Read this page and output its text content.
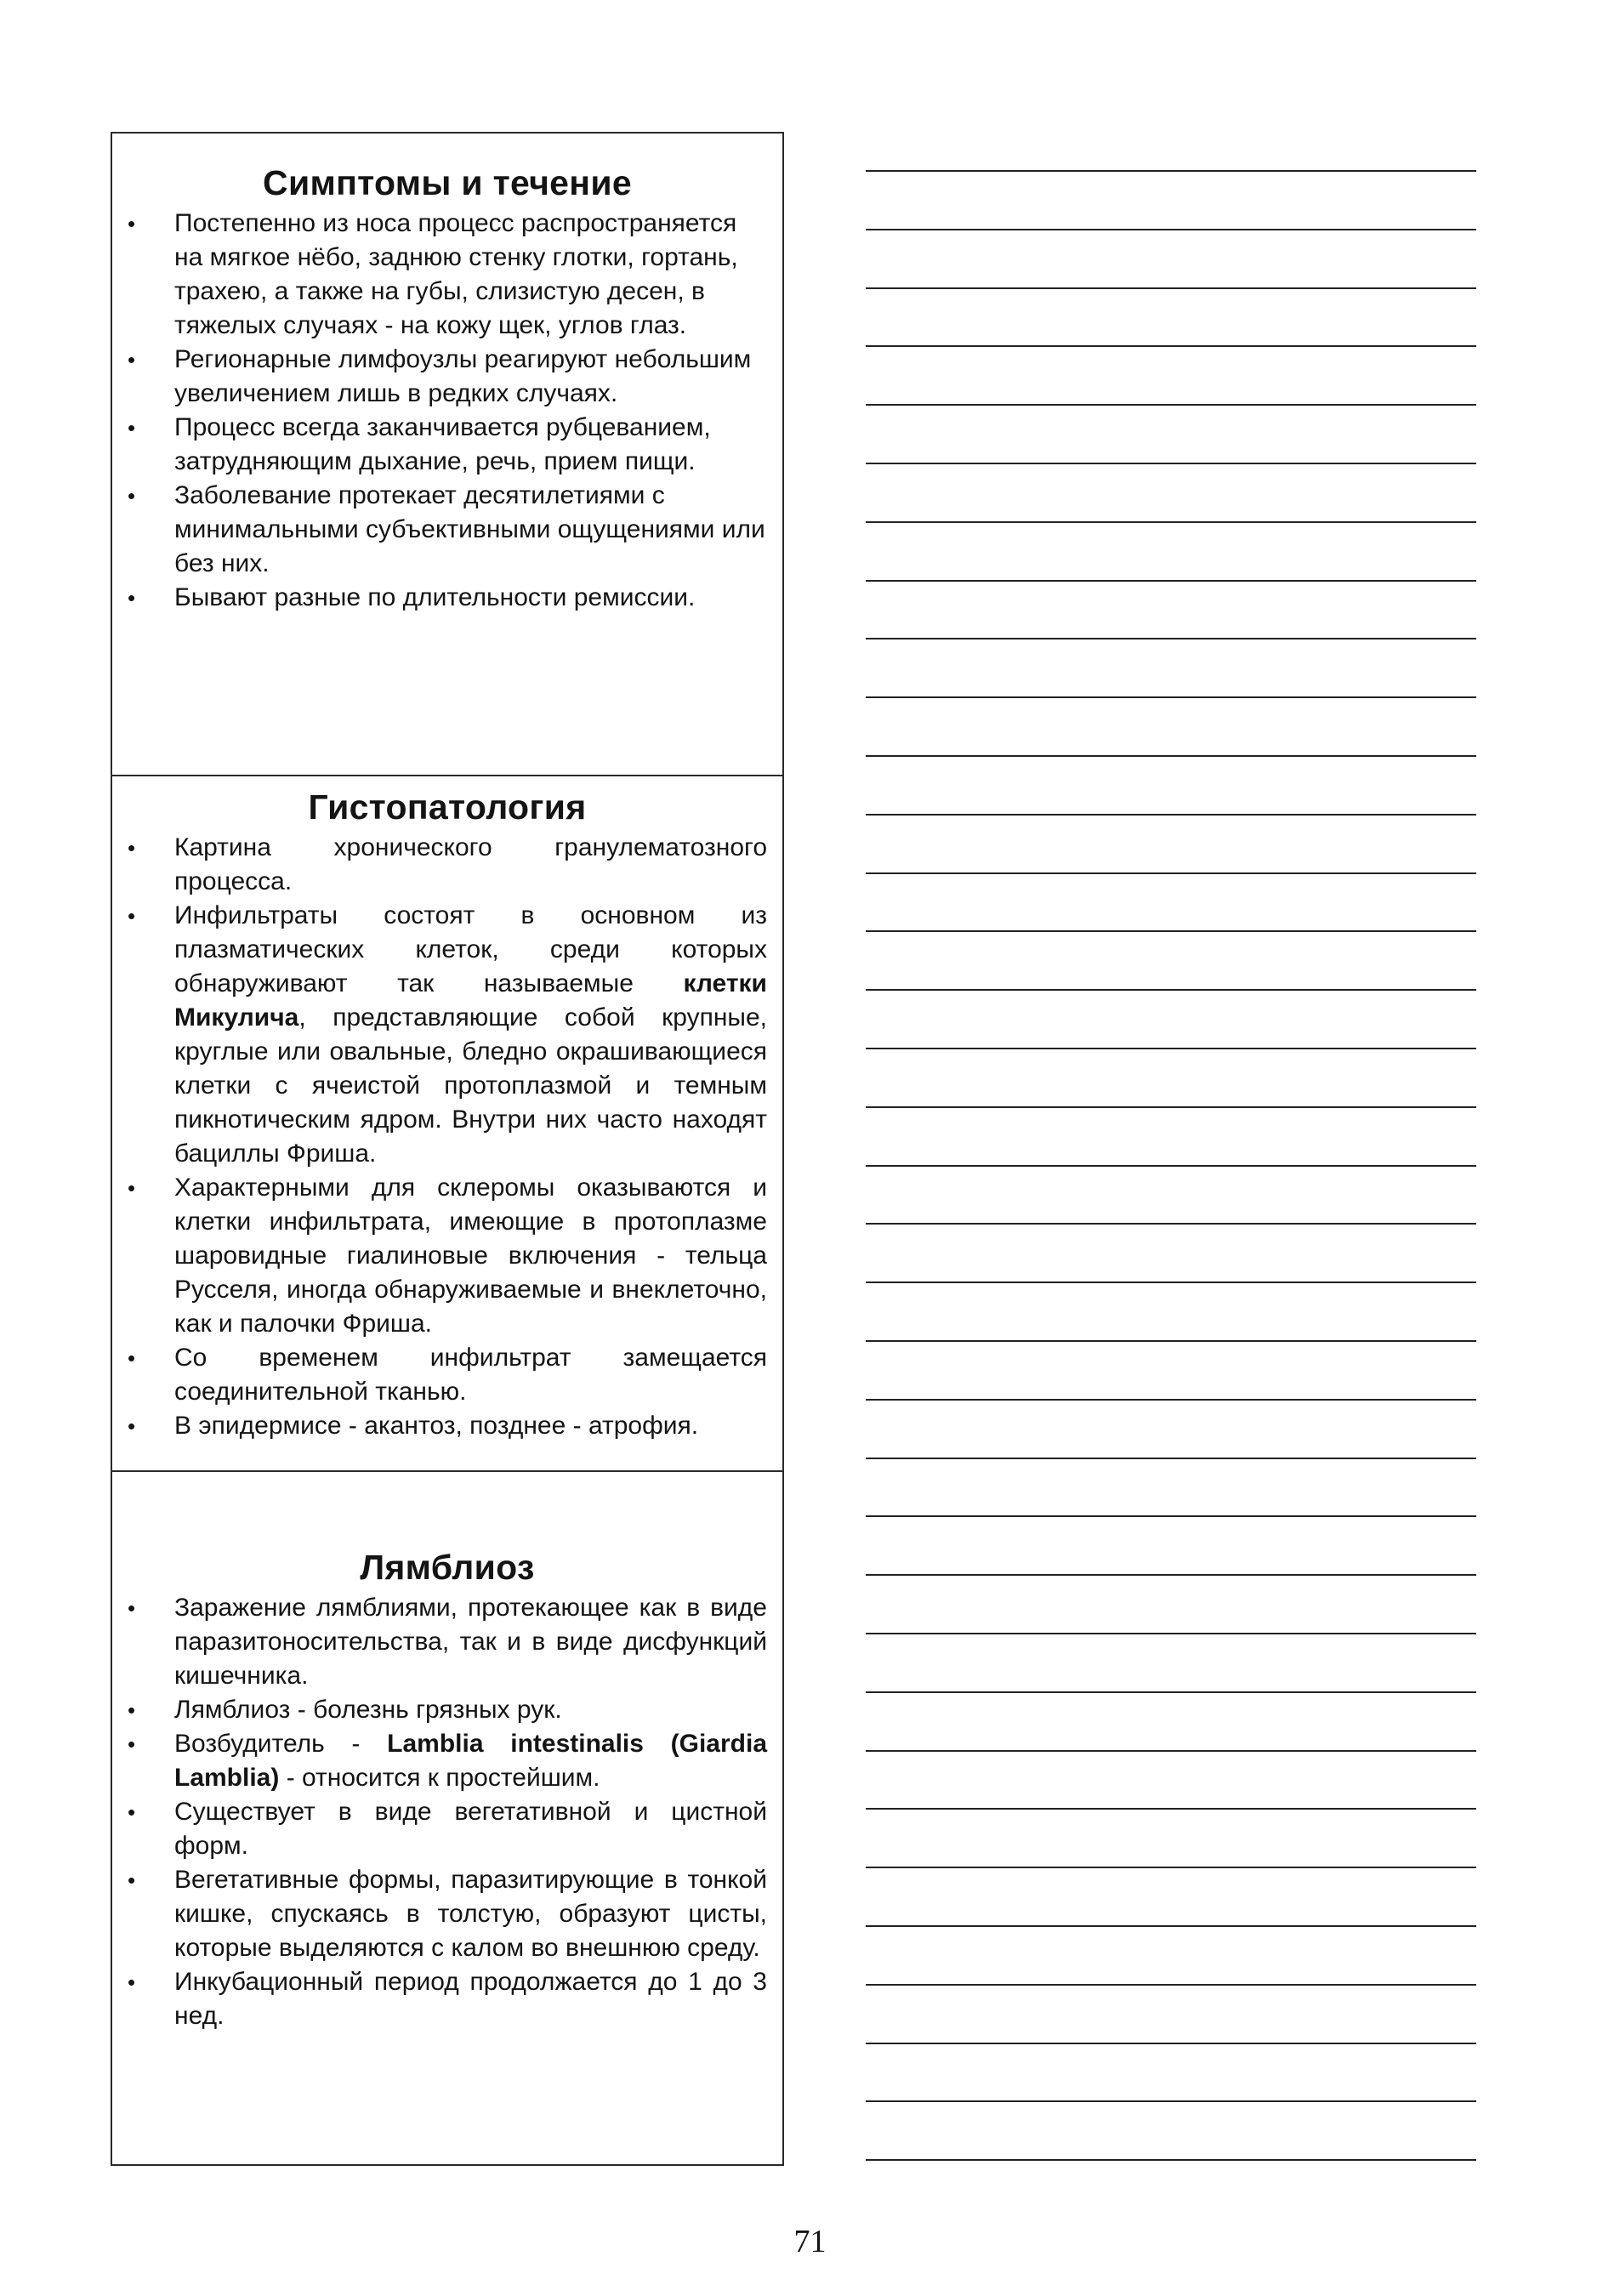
Симптомы и течение
• Постепенно из носа процесс распространяется на мягкое нёбо, заднюю стенку глотки, гортань, трахею, а также на губы, слизистую десен, в тяжелых случаях - на кожу щек, углов глаз.
• Регионарные лимфоузлы реагируют небольшим увеличением лишь в редких случаях.
• Процесс всегда заканчивается рубцеванием, затрудняющим дыхание, речь, прием пищи.
• Заболевание протекает десятилетиями с минимальными субъективными ощущениями или без них.
• Бывают разные по длительности ремиссии.
Гистопатология
• Картина хронического гранулематозного процесса.
• Инфильтраты состоят в основном из плазматических клеток, среди которых обнаруживают так называемые клетки Микулича, представляющие собой крупные, круглые или овальные, бледно окрашивающиеся клетки с ячеистой протоплазмой и темным пикнотическим ядром. Внутри них часто находят бациллы Фриша.
• Характерными для склеромы оказываются и клетки инфильтрата, имеющие в протоплазме шаровидные гиалиновые включения - тельца Русселя, иногда обнаруживаемые и внеклеточно, как и палочки Фриша.
• Со временем инфильтрат замещается соединительной тканью.
• В эпидермисе - акантоз, позднее - атрофия.
Лямблиоз
• Заражение лямблиями, протекающее как в виде паразитоносительства, так и в виде дисфункций кишечника.
• Лямблиоз - болезнь грязных рук.
• Возбудитель - Lamblia intestinalis (Giardia Lamblia) - относится к простейшим.
• Существует в виде вегетативной и цистной форм.
• Вегетативные формы, паразитирующие в тонкой кишке, спускаясь в толстую, образуют цисты, которые выделяются с калом во внешнюю среду.
• Инкубационный период продолжается до 1 до 3 нед.
71
